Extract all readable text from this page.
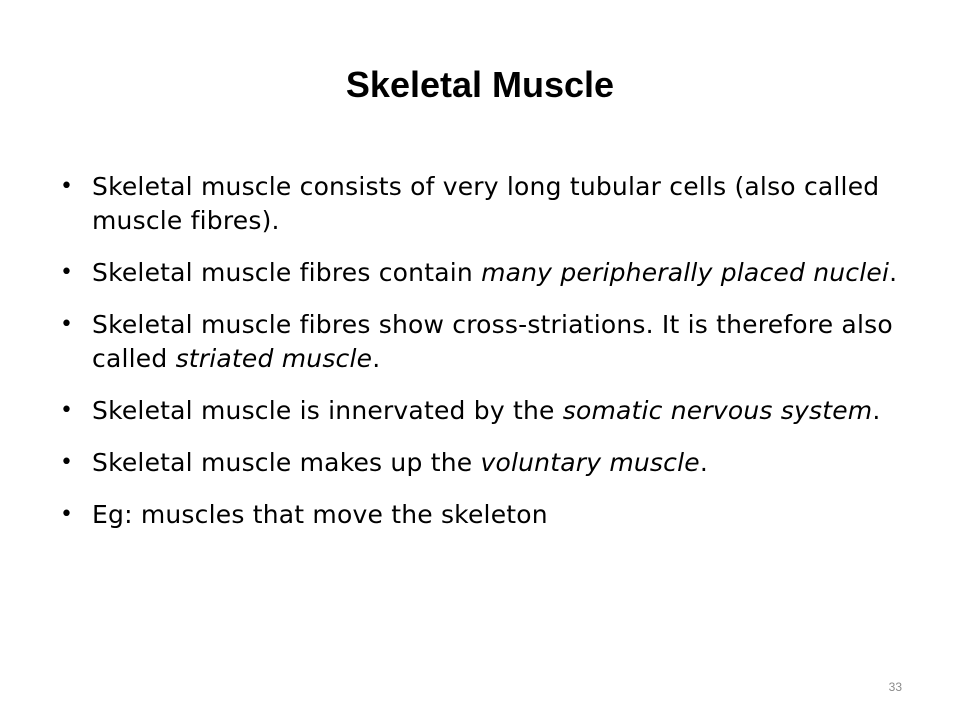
Skeletal Muscle
• Skeletal muscle consists of very long tubular cells (also called muscle fibres).
• Skeletal muscle fibres contain many peripherally placed nuclei.
• Skeletal muscle fibres show cross-striations. It is therefore also called striated muscle.
• Skeletal muscle is innervated by the somatic nervous system.
• Skeletal muscle makes up the voluntary muscle.
• Eg: muscles that move the skeleton
33
